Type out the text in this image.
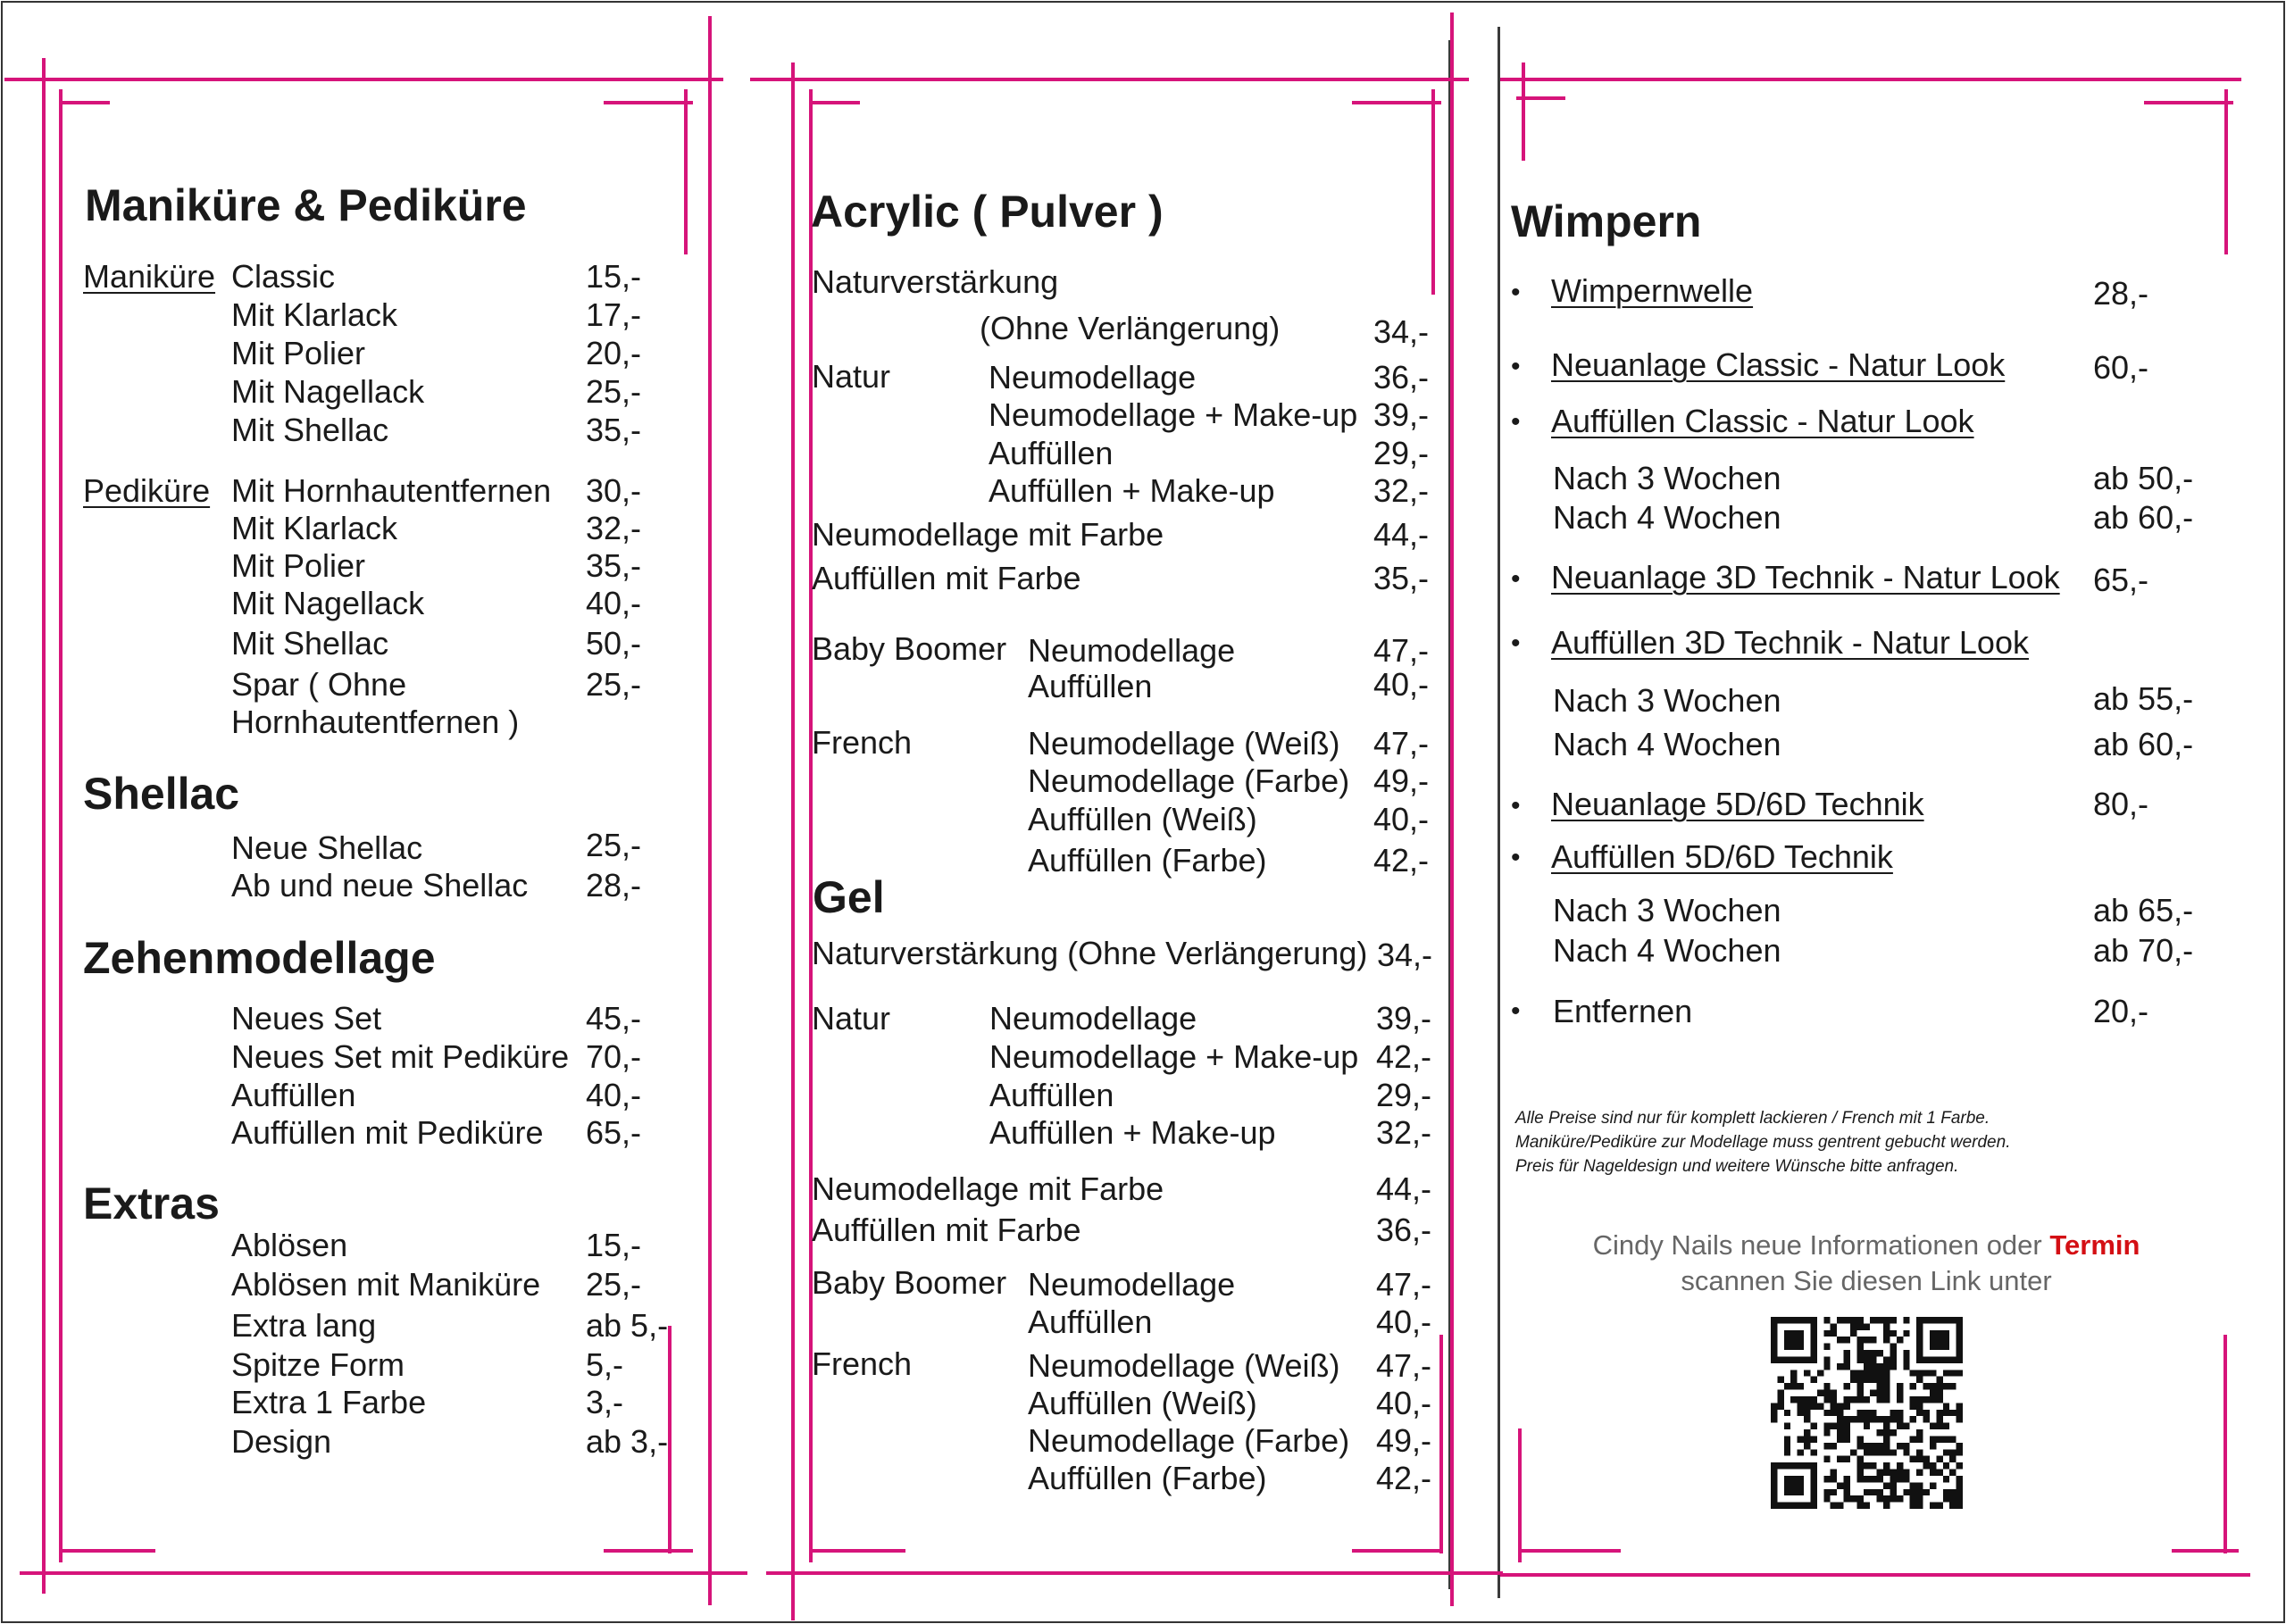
Maniküre & Pediküre
Maniküre Classic	15,-
Mit Klarlack	17,-
Mit Polier	20,-
Mit Nagellack	25,-
Mit Shellac	35,-
Pediküre Mit Hornhautentfernen 30,-
Mit Klarlack	32,-
Mit Polier	35,-
Mit Nagellack	40,-
Mit Shellac	50,-
Spar ( Ohne	25,-
Hornhautentfernen )
Shellac
Neue Shellac	25,-
Ab und neue Shellac 28,-
Zehenmodellage
Neues Set	45,-
Neues Set mit Pediküre 70,-
Auffüllen	40,-
Auffüllen mit Pediküre 65,-
Extras
Ablösen	15,-
Ablösen mit Maniküre 25,-
Extra lang	ab 5,-
Spitze Form	5,-
Extra 1 Farbe	3,-
Design	ab 3,-
Acrylic ( Pulver )
Naturverstärkung
(Ohne Verlängerung)	34,-
Natur	Neumodellage	36,-
Neumodellage + Make-up 39,-
Auffüllen	29,-
Auffüllen + Make-up	32,-
Neumodellage mit Farbe	44,-
Auffüllen mit Farbe	35,-
Baby Boomer Neumodellage	47,-
Auffüllen	40,-
French	Neumodellage (Weiß) 47,-
Neumodellage (Farbe) 49,-
Auffüllen (Weiß)	40,-
Auffüllen (Farbe)	42,-
Gel
Naturverstärkung (Ohne Verlängerung) 34,-
Natur	Neumodellage	39,-
Neumodellage + Make-up 42,-
Auffüllen	29,-
Auffüllen + Make-up	32,-
Neumodellage mit Farbe	44,-
Auffüllen mit Farbe	36,-
Baby Boomer Neumodellage	47,-
Auffüllen	40,-
French	Neumodellage (Weiß) 47,-
Auffüllen (Weiß)	40,-
Neumodellage (Farbe) 49,-
Auffüllen (Farbe)	42,-
Wimpern
• Wimpernwelle	28,-
• Neuanlage Classic - Natur Look	60,-
• Auffüllen Classic - Natur Look
Nach 3 Wochen	ab 50,-
Nach 4 Wochen	ab 60,-
• Neuanlage 3D Technik - Natur Look 65,-
• Auffüllen 3D Technik - Natur Look
Nach 3 Wochen	ab 55,-
Nach 4 Wochen	ab 60,-
• Neuanlage 5D/6D Technik	80,-
• Auffüllen 5D/6D Technik
Nach 3 Wochen	ab 65,-
Nach 4 Wochen	ab 70,-
• Entfernen	20,-
Alle Preise sind nur für komplett lackieren / French mit 1 Farbe.
Maniküre/Pediküre zur Modellage muss gentrent gebucht werden.
Preis für Nageldesign und weitere Wünsche bitte anfragen.
Cindy Nails neue Informationen oder Termin
scannen Sie diesen Link unter
